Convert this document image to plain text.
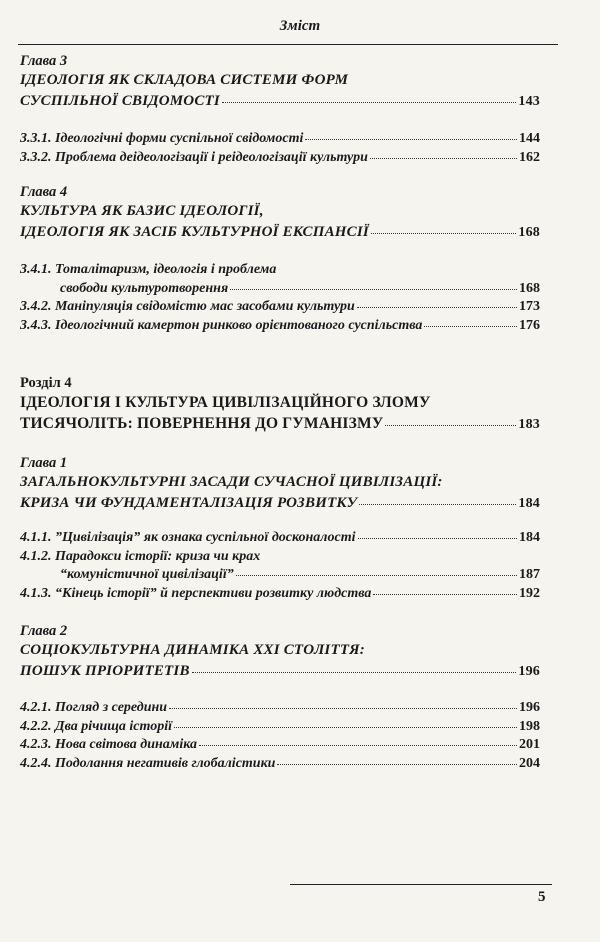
Зміст
Глава 3
ІДЕОЛОГІЯ ЯК СКЛАДОВА СИСТЕМИ ФОРМ
СУСПІЛЬНОЇ СВІДОМОСТІ	143
3.3.1. Ідеологічні форми суспільної свідомості	144
3.3.2. Проблема деідеологізації і реідеологізації культури	162
Глава 4
КУЛЬТУРА ЯК БАЗИС ІДЕОЛОГІЇ,
ІДЕОЛОГІЯ ЯК ЗАСІБ КУЛЬТУРНОЇ ЕКСПАНСІЇ	168
3.4.1. Тоталітаризм, ідеологія і проблема
свободи культуротворення	168
3.4.2. Маніпуляція свідомістю мас засобами культури	173
3.4.3. Ідеологічний камертон ринково орієнтованого суспільства	176
Розділ 4
ІДЕОЛОГІЯ І КУЛЬТУРА ЦИВІЛІЗАЦІЙНОГО ЗЛОМУ
ТИСЯЧОЛІТЬ: ПОВЕРНЕННЯ ДО ГУМАНІЗМУ	183
Глава 1
ЗАГАЛЬНОКУЛЬТУРНІ ЗАСАДИ СУЧАСНОЇ ЦИВІЛІЗАЦІЇ:
КРИЗА ЧИ ФУНДАМЕНТАЛІЗАЦІЯ РОЗВИТКУ	184
4.1.1. ”Цивілізація” як ознака суспільної досконалості	184
4.1.2. Парадокси історії: криза чи крах
“комуністичної цивілізації”	187
4.1.3. “Кінець історії” й перспективи розвитку людства	192
Глава 2
СОЦІОКУЛЬТУРНА ДИНАМІКА XXI СТОЛІТТЯ:
ПОШУК ПРІОРИТЕТІВ	196
4.2.1. Погляд з середини	196
4.2.2. Два річища історії	198
4.2.3. Нова світова динаміка	201
4.2.4. Подолання негативів глобалістики	204
5
